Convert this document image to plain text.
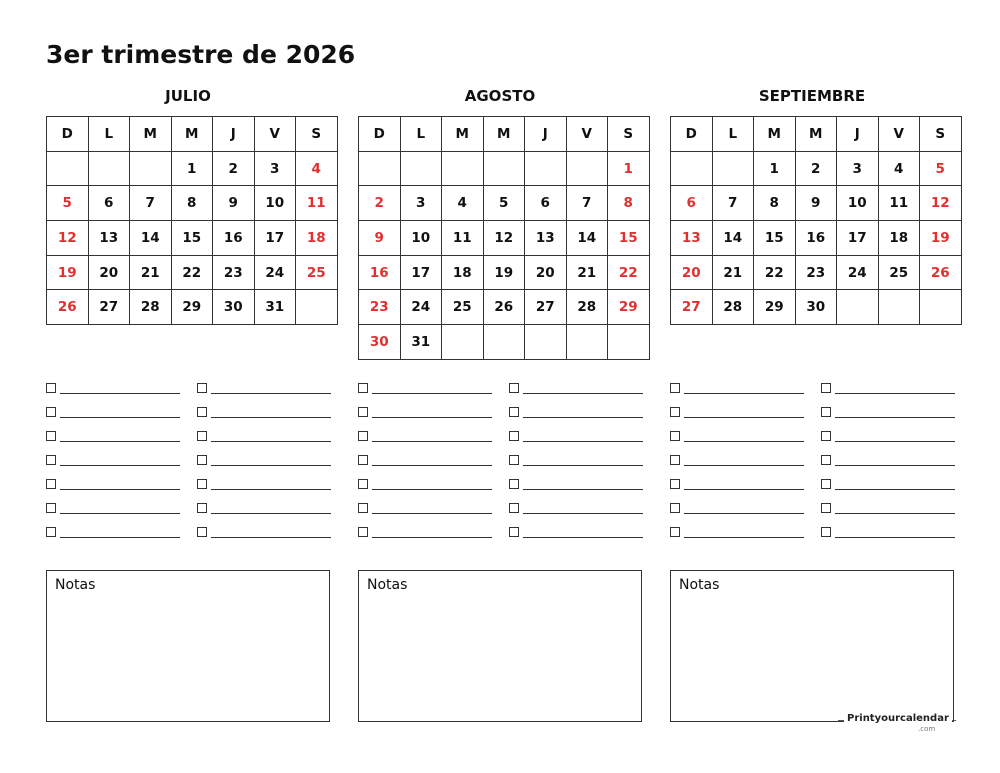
3er trimestre de 2026
JULIO
D	L	M	M	J	V	S
			1	2	3	4
5	6	7	8	9	10	11
12	13	14	15	16	17	18
19	20	21	22	23	24	25
26	27	28	29	30	31	
AGOSTO
D	L	M	M	J	V	S
						1
2	3	4	5	6	7	8
9	10	11	12	13	14	15
16	17	18	19	20	21	22
23	24	25	26	27	28	29
30	31					
SEPTIEMBRE
D	L	M	M	J	V	S
		1	2	3	4	5
6	7	8	9	10	11	12
13	14	15	16	17	18	19
20	21	22	23	24	25	26
27	28	29	30			
Notas	Notas	Notas
Printyourcalendar
.com
